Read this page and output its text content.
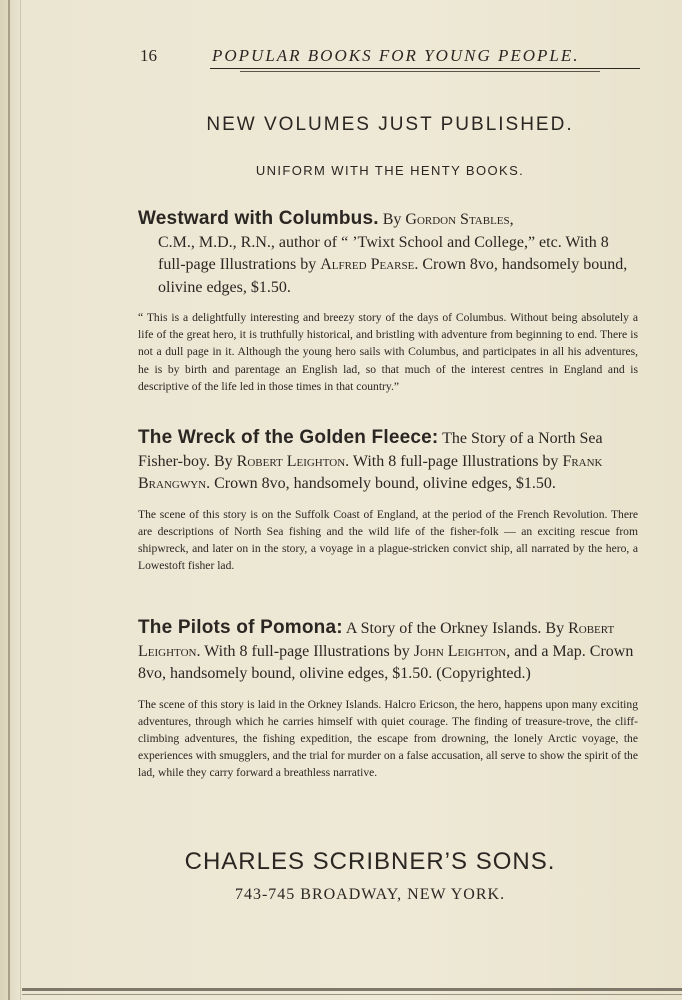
16	POPULAR BOOKS FOR YOUNG PEOPLE.
NEW VOLUMES JUST PUBLISHED.
UNIFORM WITH THE HENTY BOOKS.

Westward with Columbus. By Gordon Stables,
C.M., M.D., R.N., author of “ ’Twixt School and College,” etc. With 8 full-page Illustrations by Alfred Pearse. Crown 8vo, handsomely bound, olivine edges, $1.50.

“ This is a delightfully interesting and breezy story of the days of Columbus. Without being absolutely a life of the great hero, it is truthfully historical, and bristling with adventure from beginning to end. There is not a dull page in it. Although the young hero sails with Columbus, and participates in all his adventures, he is by birth and parentage an English lad, so that much of the interest centres in England and is descriptive of the life led in those times in that country.”

The Wreck of the Golden Fleece: The Story of a North Sea Fisher-boy. By Robert Leighton. With 8 full-page Illustrations by Frank Brangwyn. Crown 8vo, handsomely bound, olivine edges, $1.50.

The scene of this story is on the Suffolk Coast of England, at the period of the French Revolution. There are descriptions of North Sea fishing and the wild life of the fisher-folk — an exciting rescue from shipwreck, and later on in the story, a voyage in a plague-stricken convict ship, all narrated by the hero, a Lowestoft fisher lad.

The Pilots of Pomona: A Story of the Orkney Islands. By Robert Leighton. With 8 full-page Illustrations by John Leighton, and a Map. Crown 8vo, handsomely bound, olivine edges, $1.50. (Copyrighted.)

The scene of this story is laid in the Orkney Islands. Halcro Ericson, the hero, happens upon many exciting adventures, through which he carries himself with quiet courage. The finding of treasure-trove, the cliff-climbing adventures, the fishing expedition, the escape from drowning, the lonely Arctic voyage, the experiences with smugglers, and the trial for murder on a false accusation, all serve to show the spirit of the lad, while they carry forward a breathless narrative.

CHARLES SCRIBNER’S SONS.
743-745 BROADWAY, NEW YORK.
